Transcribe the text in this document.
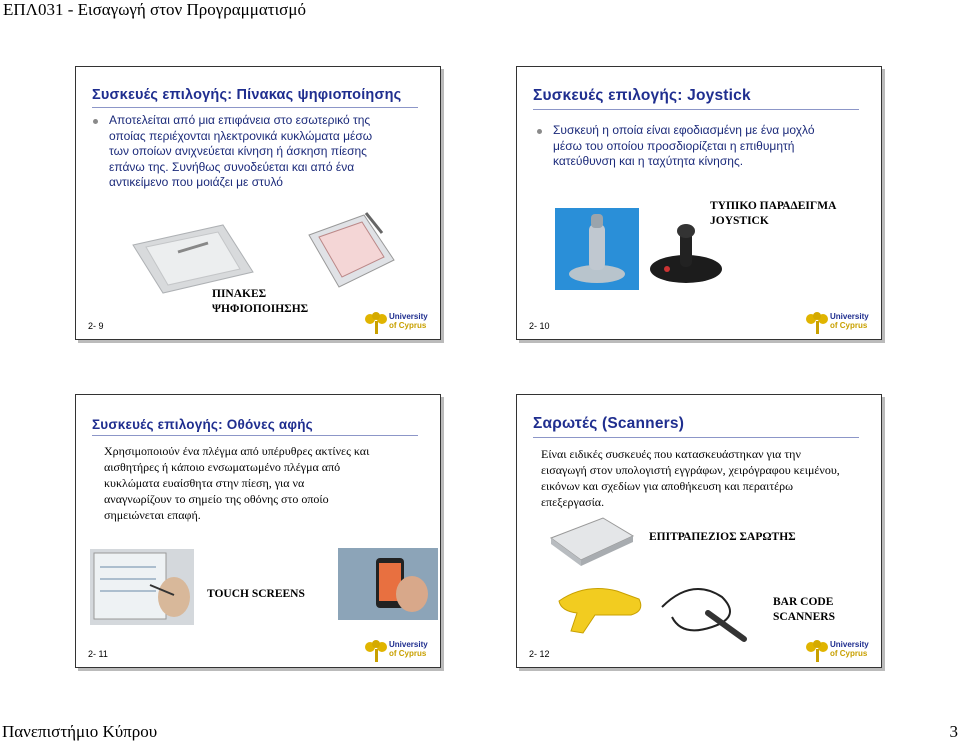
ΕΠΛ031 - Εισαγωγή στον Προγραμματισμό
Συσκευές επιλογής: Πίνακας ψηφιοποίησης
Αποτελείται από μια επιφάνεια στο εσωτερικό της
οποίας περιέχονται ηλεκτρονικά κυκλώματα μέσω
των οποίων ανιχνεύεται κίνηση ή άσκηση πίεσης
επάνω της. Συνήθως συνοδεύεται και από ένα
αντικείμενο που μοιάζει με στυλό
ΠΙΝΑΚΕΣ
ΨΗΦΙΟΠΟΙΗΣΗΣ
2- 9
University
of Cyprus
Συσκευές επιλογής: Joystick
Συσκευή η οποία είναι εφοδιασμένη με ένα μοχλό
μέσω του οποίου προσδιορίζεται η επιθυμητή
κατεύθυνση και η ταχύτητα κίνησης.
ΤΥΠΙΚΟ ΠΑΡΑΔΕΙΓΜΑ
JOYSTICK
2- 10
University
of Cyprus
Συσκευές επιλογής: Οθόνες αφής
Χρησιμοποιούν ένα πλέγμα από υπέρυθρες ακτίνες και
αισθητήρες ή κάποιο ενσωματωμένο πλέγμα από
κυκλώματα ευαίσθητα στην πίεση, για να
αναγνωρίζουν το σημείο της οθόνης στο οποίο
σημειώνεται επαφή.
TOUCH SCREENS
2- 11
University
of Cyprus
Σαρωτές (Scanners)
Είναι ειδικές συσκευές που κατασκευάστηκαν για την
εισαγωγή στον υπολογιστή εγγράφων, χειρόγραφου κειμένου,
εικόνων και σχεδίων για αποθήκευση και περαιτέρω
επεξεργασία.
ΕΠΙΤΡΑΠΕΖΙΟΣ ΣΑΡΩΤΗΣ
BAR CODE
SCANNERS
2- 12
University
of Cyprus
Πανεπιστήμιο Κύπρου	3
